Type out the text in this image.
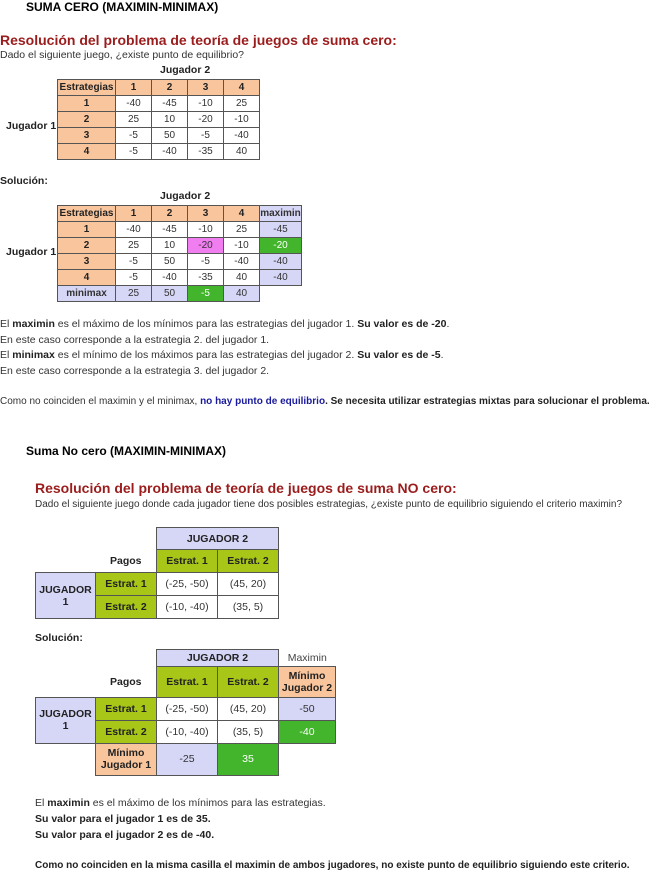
SUMA CERO (MAXIMIN-MINIMAX)
Resolución del problema de teoría de juegos de suma cero:
Dado el siguiente juego, ¿existe punto de equilibrio?
Jugador 2
Jugador 1
Estrategias	1	2	3	4
1	-40	-45	-10	25
2	25	10	-20	-10
3	-5	50	-5	-40
4	-5	-40	-35	40
Solución:
Jugador 2
Jugador 1
Estrategias	1	2	3	4	maximin
1	-40	-45	-10	25	-45
2	25	10	-20	-10	-20
3	-5	50	-5	-40	-40
4	-5	-40	-35	40	-40
minimax	25	50	-5	40	
El maximin es el máximo de los mínimos para las estrategias del jugador 1. Su valor es de -20.
En este caso corresponde a la estrategia 2. del jugador 1.
El minimax es el mínimo de los máximos para las estrategias del jugador 2. Su valor es de -5.
En este caso corresponde a la estrategia 3. del jugador 2.
Como no coinciden el maximin y el minimax, no hay punto de equilibrio. Se necesita utilizar estrategias mixtas para solucionar el problema.
Suma No cero (MAXIMIN-MINIMAX)
Resolución del problema de teoría de juegos de suma NO cero:
Dado el siguiente juego donde cada jugador tiene dos posibles estrategias, ¿existe punto de equilibrio siguiendo el criterio maximin?
		JUGADOR 2	
	Pagos	Estrat. 1	Estrat. 2
JUGADOR 1	Estrat. 1	(-25, -50)	(45, 20)
	Estrat. 2	(-10, -40)	(35, 5)
Solución:
		JUGADOR 2		Maximin
	Pagos	Estrat. 1	Estrat. 2	Mínimo Jugador 2
JUGADOR 1	Estrat. 1	(-25, -50)	(45, 20)	-50
	Estrat. 2	(-10, -40)	(35, 5)	-40
	Mínimo Jugador 1	-25	35	
El maximin es el máximo de los mínimos para las estrategias.
Su valor para el jugador 1 es de 35.
Su valor para el jugador 2 es de -40.
Como no coinciden en la misma casilla el maximin de ambos jugadores, no existe punto de equilibrio siguiendo este criterio.
